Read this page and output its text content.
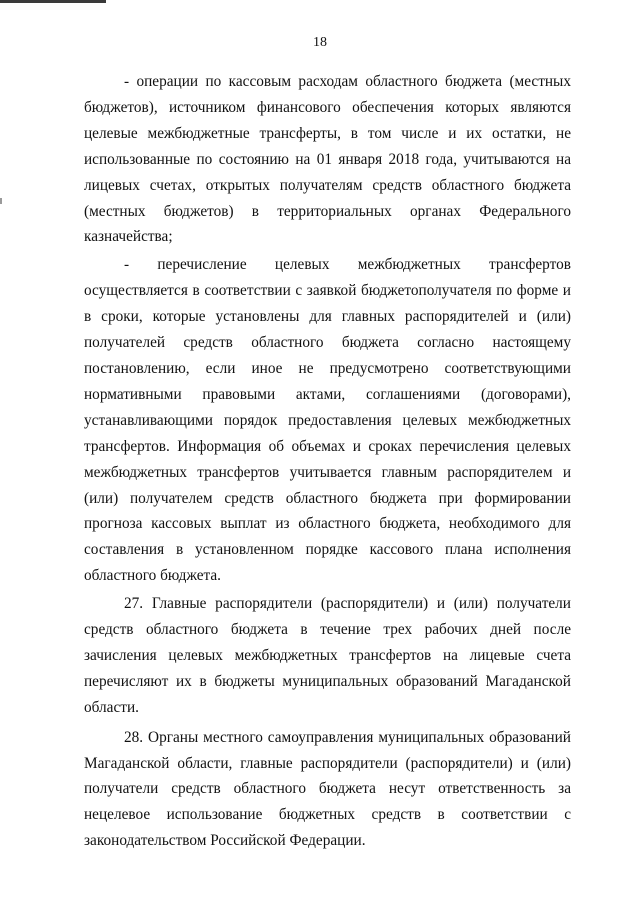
18

- операции по кассовым расходам областного бюджета (местных бюджетов), источником финансового обеспечения которых являются целевые межбюджетные трансферты, в том числе и их остатки, не использованные по состоянию на 01 января 2018 года, учитываются на лицевых счетах, открытых получателям средств областного бюджета (местных бюджетов) в территориальных органах Федерального казначейства;

- перечисление целевых межбюджетных трансфертов осуществляется в соответствии с заявкой бюджетополучателя по форме и в сроки, которые установлены для главных распорядителей и (или) получателей средств областного бюджета согласно настоящему постановлению, если иное не предусмотрено соответствующими нормативными правовыми актами, соглашениями (договорами), устанавливающими порядок предоставления целевых межбюджетных трансфертов. Информация об объемах и сроках перечисления целевых межбюджетных трансфертов учитывается главным распорядителем и (или) получателем средств областного бюджета при формировании прогноза кассовых выплат из областного бюджета, необходимого для составления в установленном порядке кассового плана исполнения областного бюджета.

27. Главные распорядители (распорядители) и (или) получатели средств областного бюджета в течение трех рабочих дней после зачисления целевых межбюджетных трансфертов на лицевые счета перечисляют их в бюджеты муниципальных образований Магаданской области.

28. Органы местного самоуправления муниципальных образований Магаданской области, главные распорядители (распорядители) и (или) получатели средств областного бюджета несут ответственность за нецелевое использование бюджетных средств в соответствии с законодательством Российской Федерации.
